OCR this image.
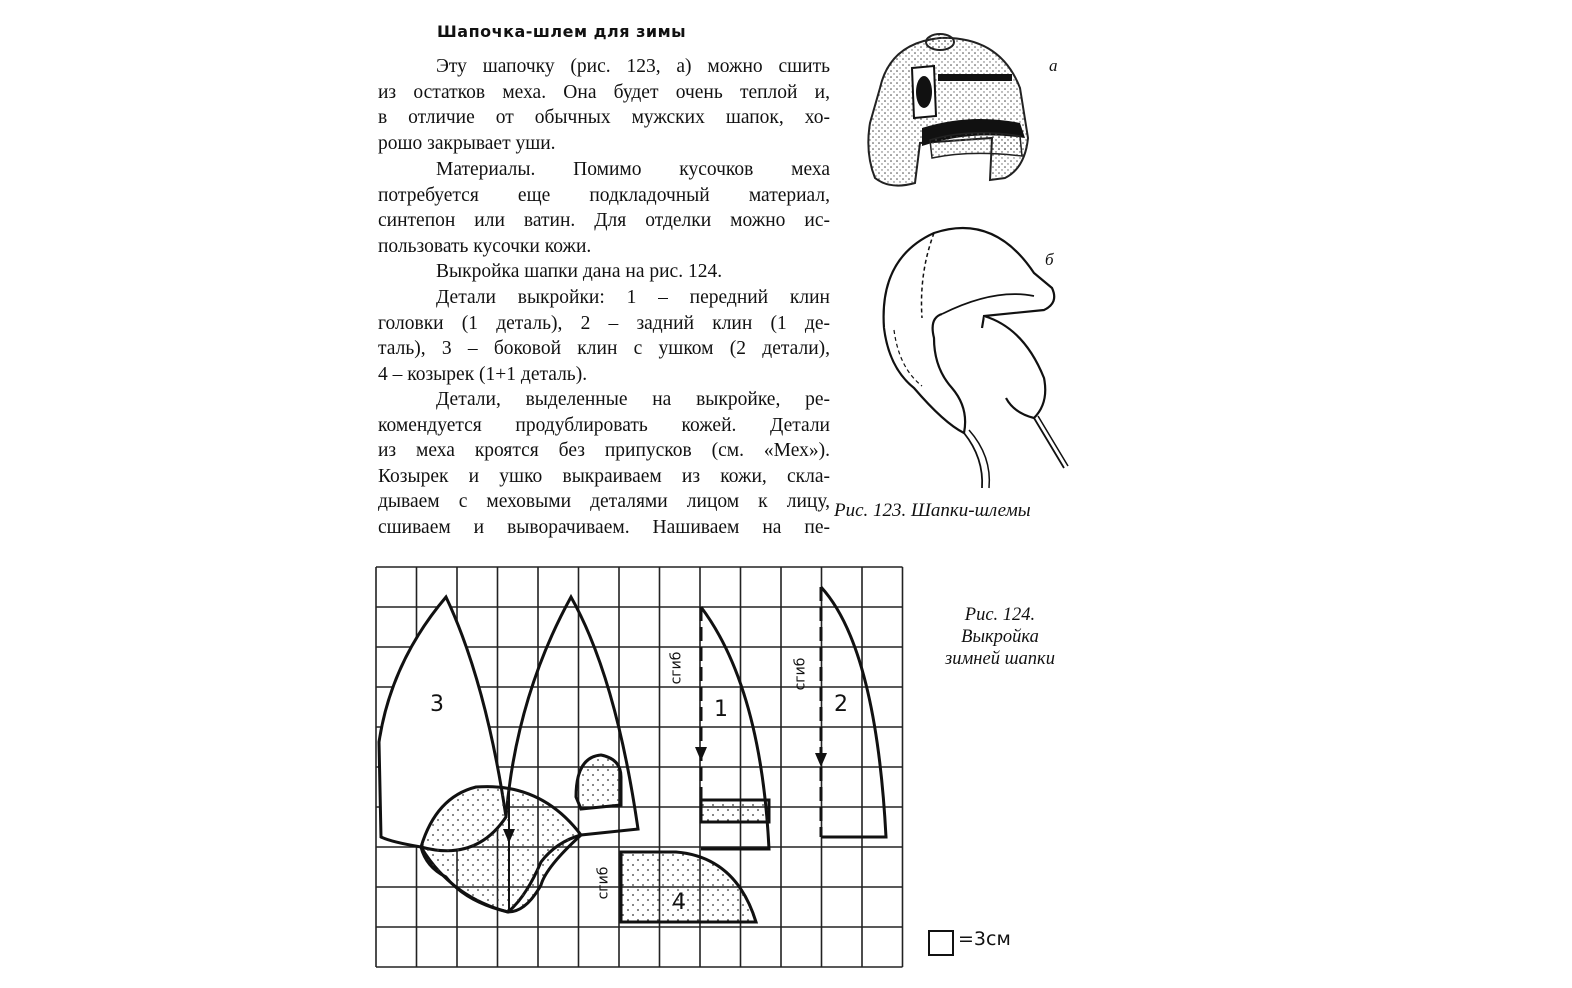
Шапочка-шлем для зимы
Эту шапочку (рис. 123, а) можно сшить
из остатков меха. Она будет очень теплой и,
в отличие от обычных мужских шапок, хо-
рошо закрывает уши.
Материалы. Помимо кусочков меха
потребуется еще подкладочный материал,
синтепон или ватин. Для отделки можно ис-
пользовать кусочки кожи.
Выкройка шапки дана на рис. 124.
Детали выкройки: 1 – передний клин
головки (1 деталь), 2 – задний клин (1 де-
таль), 3 – боковой клин с ушком (2 детали),
4 – козырек (1+1 деталь).
Детали, выделенные на выкройке, ре-
комендуется продублировать кожей. Детали
из меха кроятся без припусков (см. «Мех»).
Козырек и ушко выкраиваем из кожи, скла-
дываем с меховыми деталями лицом к лицу,
сшиваем и выворачиваем. Нашиваем на пе-
а
б
Рис. 123. Шапки-шлемы
3	1	2
4
сгиб	сгиб
сгиб
Рис. 124.
Выкройка
зимней шапки
=3см
